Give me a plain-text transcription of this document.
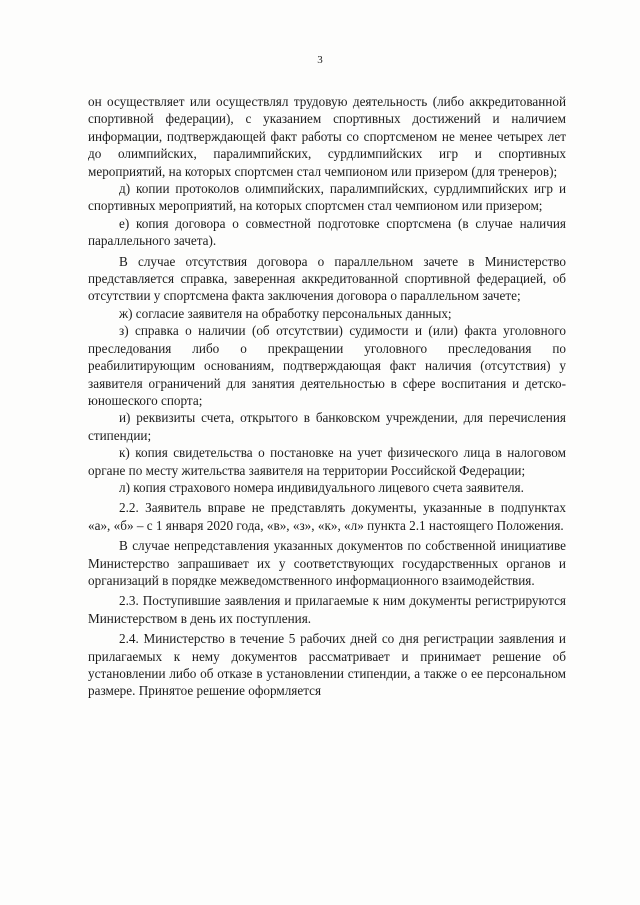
3

он осуществляет или осуществлял трудовую деятельность (либо аккредитованной спортивной федерации), с указанием спортивных достижений и наличием информации, подтверждающей факт работы со спортсменом не менее четырех лет до олимпийских, паралимпийских, сурдлимпийских игр и спортивных мероприятий, на которых спортсмен стал чемпионом или призером (для тренеров);

д) копии протоколов олимпийских, паралимпийских, сурдлимпийских игр и спортивных мероприятий, на которых спортсмен стал чемпионом или призером;

е) копия договора о совместной подготовке спортсмена (в случае наличия параллельного зачета).

В случае отсутствия договора о параллельном зачете в Министерство представляется справка, заверенная аккредитованной спортивной федерацией, об отсутствии у спортсмена факта заключения договора о параллельном зачете;

ж) согласие заявителя на обработку персональных данных;

з) справка о наличии (об отсутствии) судимости и (или) факта уголовного преследования либо о прекращении уголовного преследования по реабилитирующим основаниям, подтверждающая факт наличия (отсутствия) у заявителя ограничений для занятия деятельностью в сфере воспитания и детско-юношеского спорта;

и) реквизиты счета, открытого в банковском учреждении, для перечисления стипендии;

к) копия свидетельства о постановке на учет физического лица в налоговом органе по месту жительства заявителя на территории Российской Федерации;

л) копия страхового номера индивидуального лицевого счета заявителя.

2.2. Заявитель вправе не представлять документы, указанные в подпунктах «а», «б» – с 1 января 2020 года, «в», «з», «к», «л» пункта 2.1 настоящего Положения.

В случае непредставления указанных документов по собственной инициативе Министерство запрашивает их у соответствующих государственных органов и организаций в порядке межведомственного информационного взаимодействия.

2.3. Поступившие заявления и прилагаемые к ним документы регистрируются Министерством в день их поступления.

2.4. Министерство в течение 5 рабочих дней со дня регистрации заявления и прилагаемых к нему документов рассматривает и принимает решение об установлении либо об отказе в установлении стипендии, а также о ее персональном размере. Принятое решение оформляется
